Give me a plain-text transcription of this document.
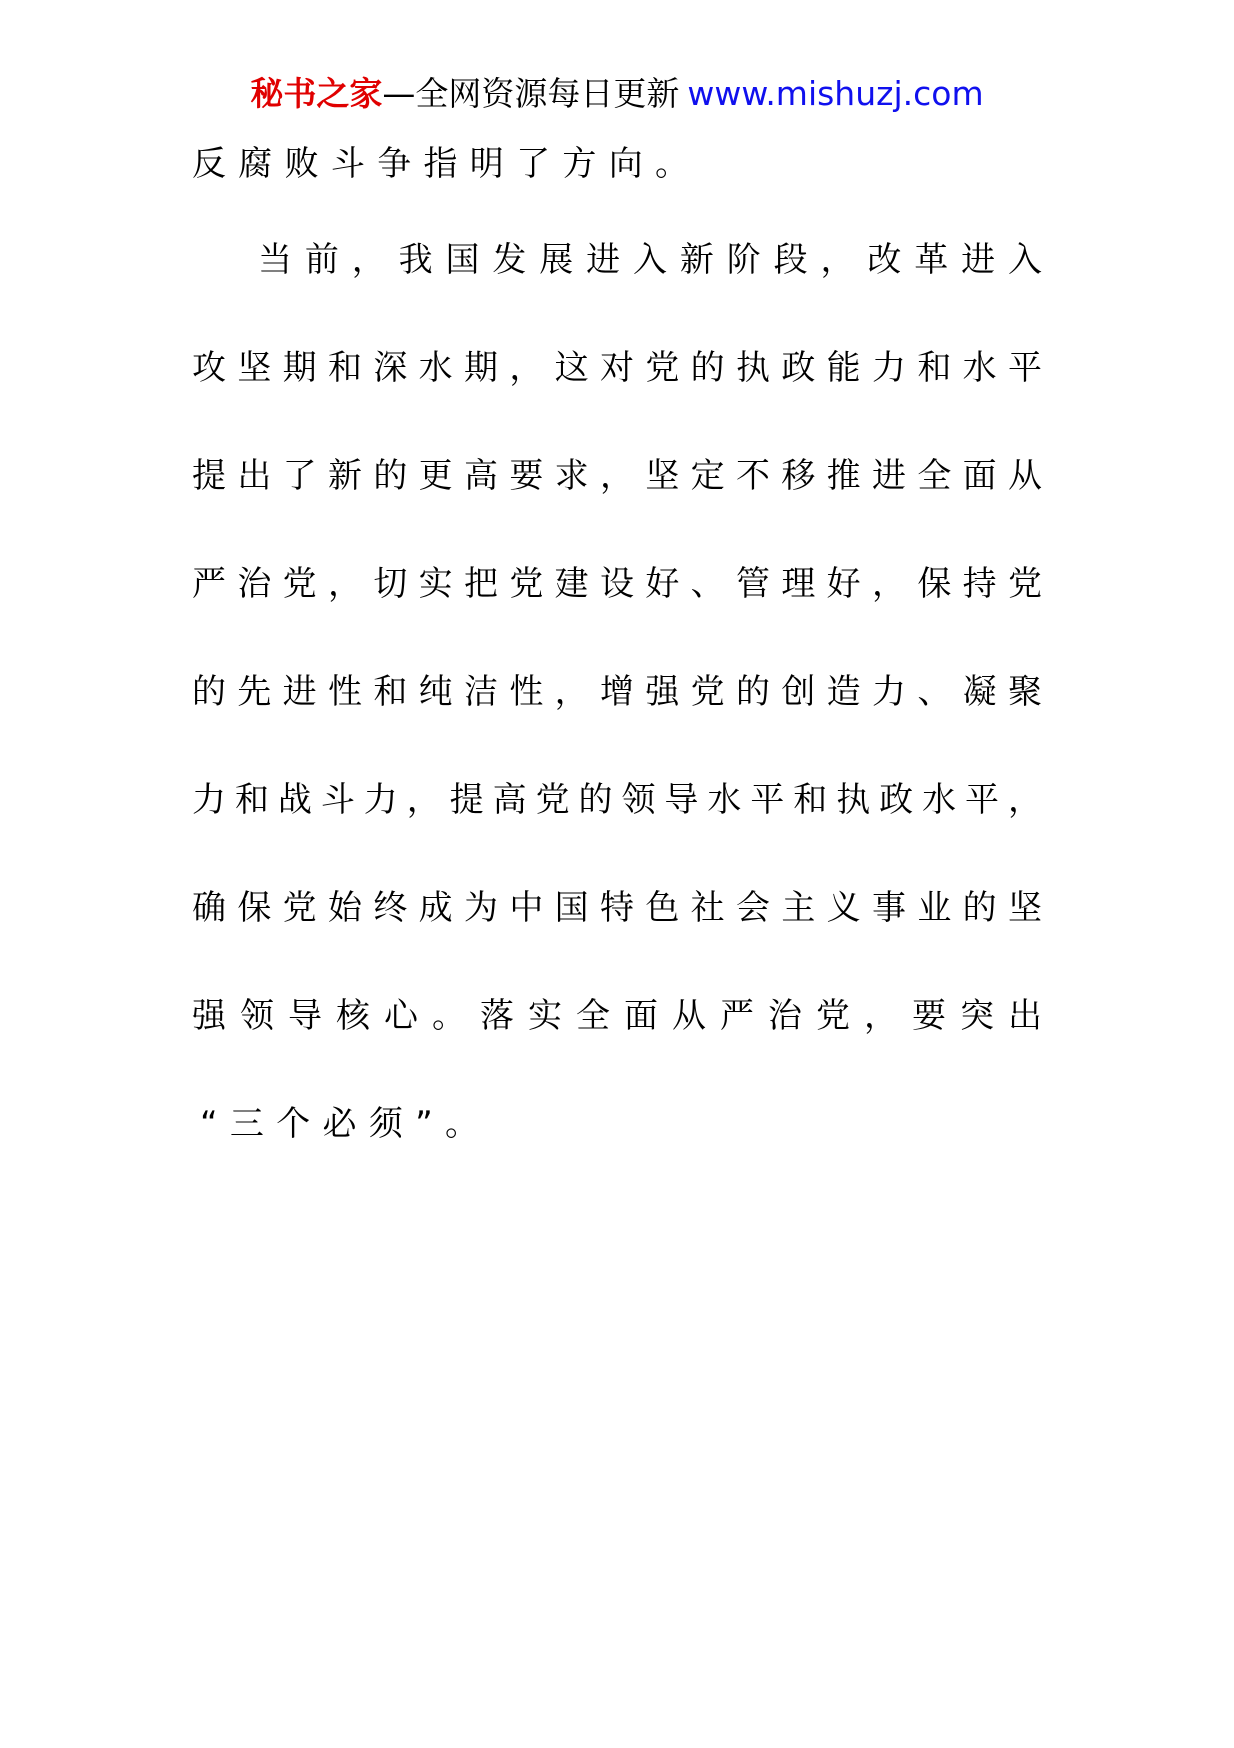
秘书之家—全网资源每日更新 www.mishuzj.com
反腐败斗争指明了方向。
当前，我国发展进入新阶段，改革进入
攻坚期和深水期，这对党的执政能力和水平
提出了新的更高要求，坚定不移推进全面从
严治党，切实把党建设好、管理好，保持党
的先进性和纯洁性，增强党的创造力、凝聚
力和战斗力，提高党的领导水平和执政水平，
确保党始终成为中国特色社会主义事业的坚
强领导核心。落实全面从严治党，要突出
“三个必须”。
